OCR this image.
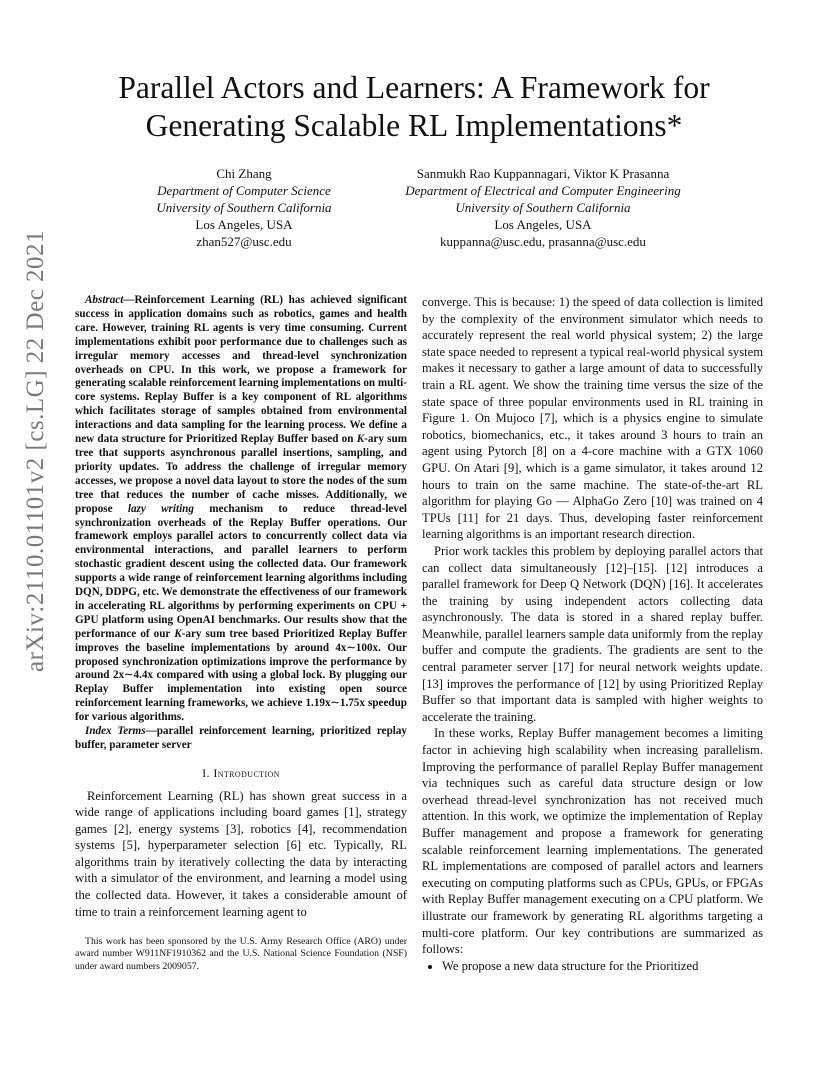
arXiv:2110.01101v2 [cs.LG] 22 Dec 2021
Parallel Actors and Learners: A Framework for Generating Scalable RL Implementations*
Chi Zhang
Department of Computer Science
University of Southern California
Los Angeles, USA
zhan527@usc.edu
Sanmukh Rao Kuppannagari, Viktor K Prasanna
Department of Electrical and Computer Engineering
University of Southern California
Los Angeles, USA
kuppanna@usc.edu, prasanna@usc.edu

Abstract—Reinforcement Learning (RL) has achieved significant success in application domains such as robotics, games and health care. However, training RL agents is very time consuming. Current implementations exhibit poor performance due to challenges such as irregular memory accesses and thread-level synchronization overheads on CPU. In this work, we propose a framework for generating scalable reinforcement learning implementations on multi-core systems. Replay Buffer is a key component of RL algorithms which facilitates storage of samples obtained from environmental interactions and data sampling for the learning process. We define a new data structure for Prioritized Replay Buffer based on K-ary sum tree that supports asynchronous parallel insertions, sampling, and priority updates. To address the challenge of irregular memory accesses, we propose a novel data layout to store the nodes of the sum tree that reduces the number of cache misses. Additionally, we propose lazy writing mechanism to reduce thread-level synchronization overheads of the Replay Buffer operations. Our framework employs parallel actors to concurrently collect data via environmental interactions, and parallel learners to perform stochastic gradient descent using the collected data. Our framework supports a wide range of reinforcement learning algorithms including DQN, DDPG, etc. We demonstrate the effectiveness of our framework in accelerating RL algorithms by performing experiments on CPU + GPU platform using OpenAI benchmarks. Our results show that the performance of our K-ary sum tree based Prioritized Replay Buffer improves the baseline implementations by around 4x∼100x. Our proposed synchronization optimizations improve the performance by around 2x∼4.4x compared with using a global lock. By plugging our Replay Buffer implementation into existing open source reinforcement learning frameworks, we achieve 1.19x∼1.75x speedup for various algorithms.

Index Terms—parallel reinforcement learning, prioritized replay buffer, parameter server

I. Introduction

Reinforcement Learning (RL) has shown great success in a wide range of applications including board games [1], strategy games [2], energy systems [3], robotics [4], recommendation systems [5], hyperparameter selection [6] etc. Typically, RL algorithms train by iteratively collecting the data by interacting with a simulator of the environment, and learning a model using the collected data. However, it takes a considerable amount of time to train a reinforcement learning agent to

This work has been sponsored by the U.S. Army Research Office (ARO) under award number W911NF1910362 and the U.S. National Science Foundation (NSF) under award numbers 2009057.

converge. This is because: 1) the speed of data collection is limited by the complexity of the environment simulator which needs to accurately represent the real world physical system; 2) the large state space needed to represent a typical real-world physical system makes it necessary to gather a large amount of data to successfully train a RL agent. We show the training time versus the size of the state space of three popular environments used in RL training in Figure 1. On Mujoco [7], which is a physics engine to simulate robotics, biomechanics, etc., it takes around 3 hours to train an agent using Pytorch [8] on a 4-core machine with a GTX 1060 GPU. On Atari [9], which is a game simulator, it takes around 12 hours to train on the same machine. The state-of-the-art RL algorithm for playing Go — AlphaGo Zero [10] was trained on 4 TPUs [11] for 21 days. Thus, developing faster reinforcement learning algorithms is an important research direction.

Prior work tackles this problem by deploying parallel actors that can collect data simultaneously [12]–[15]. [12] introduces a parallel framework for Deep Q Network (DQN) [16]. It accelerates the training by using independent actors collecting data asynchronously. The data is stored in a shared replay buffer. Meanwhile, parallel learners sample data uniformly from the replay buffer and compute the gradients. The gradients are sent to the central parameter server [17] for neural network weights update. [13] improves the performance of [12] by using Prioritized Replay Buffer so that important data is sampled with higher weights to accelerate the training.

In these works, Replay Buffer management becomes a limiting factor in achieving high scalability when increasing parallelism. Improving the performance of parallel Replay Buffer management via techniques such as careful data structure design or low overhead thread-level synchronization has not received much attention. In this work, we optimize the implementation of Replay Buffer management and propose a framework for generating scalable reinforcement learning implementations. The generated RL implementations are composed of parallel actors and learners executing on computing platforms such as CPUs, GPUs, or FPGAs with Replay Buffer management executing on a CPU platform. We illustrate our framework by generating RL algorithms targeting a multi-core platform. Our key contributions are summarized as follows:

• We propose a new data structure for the Prioritized
